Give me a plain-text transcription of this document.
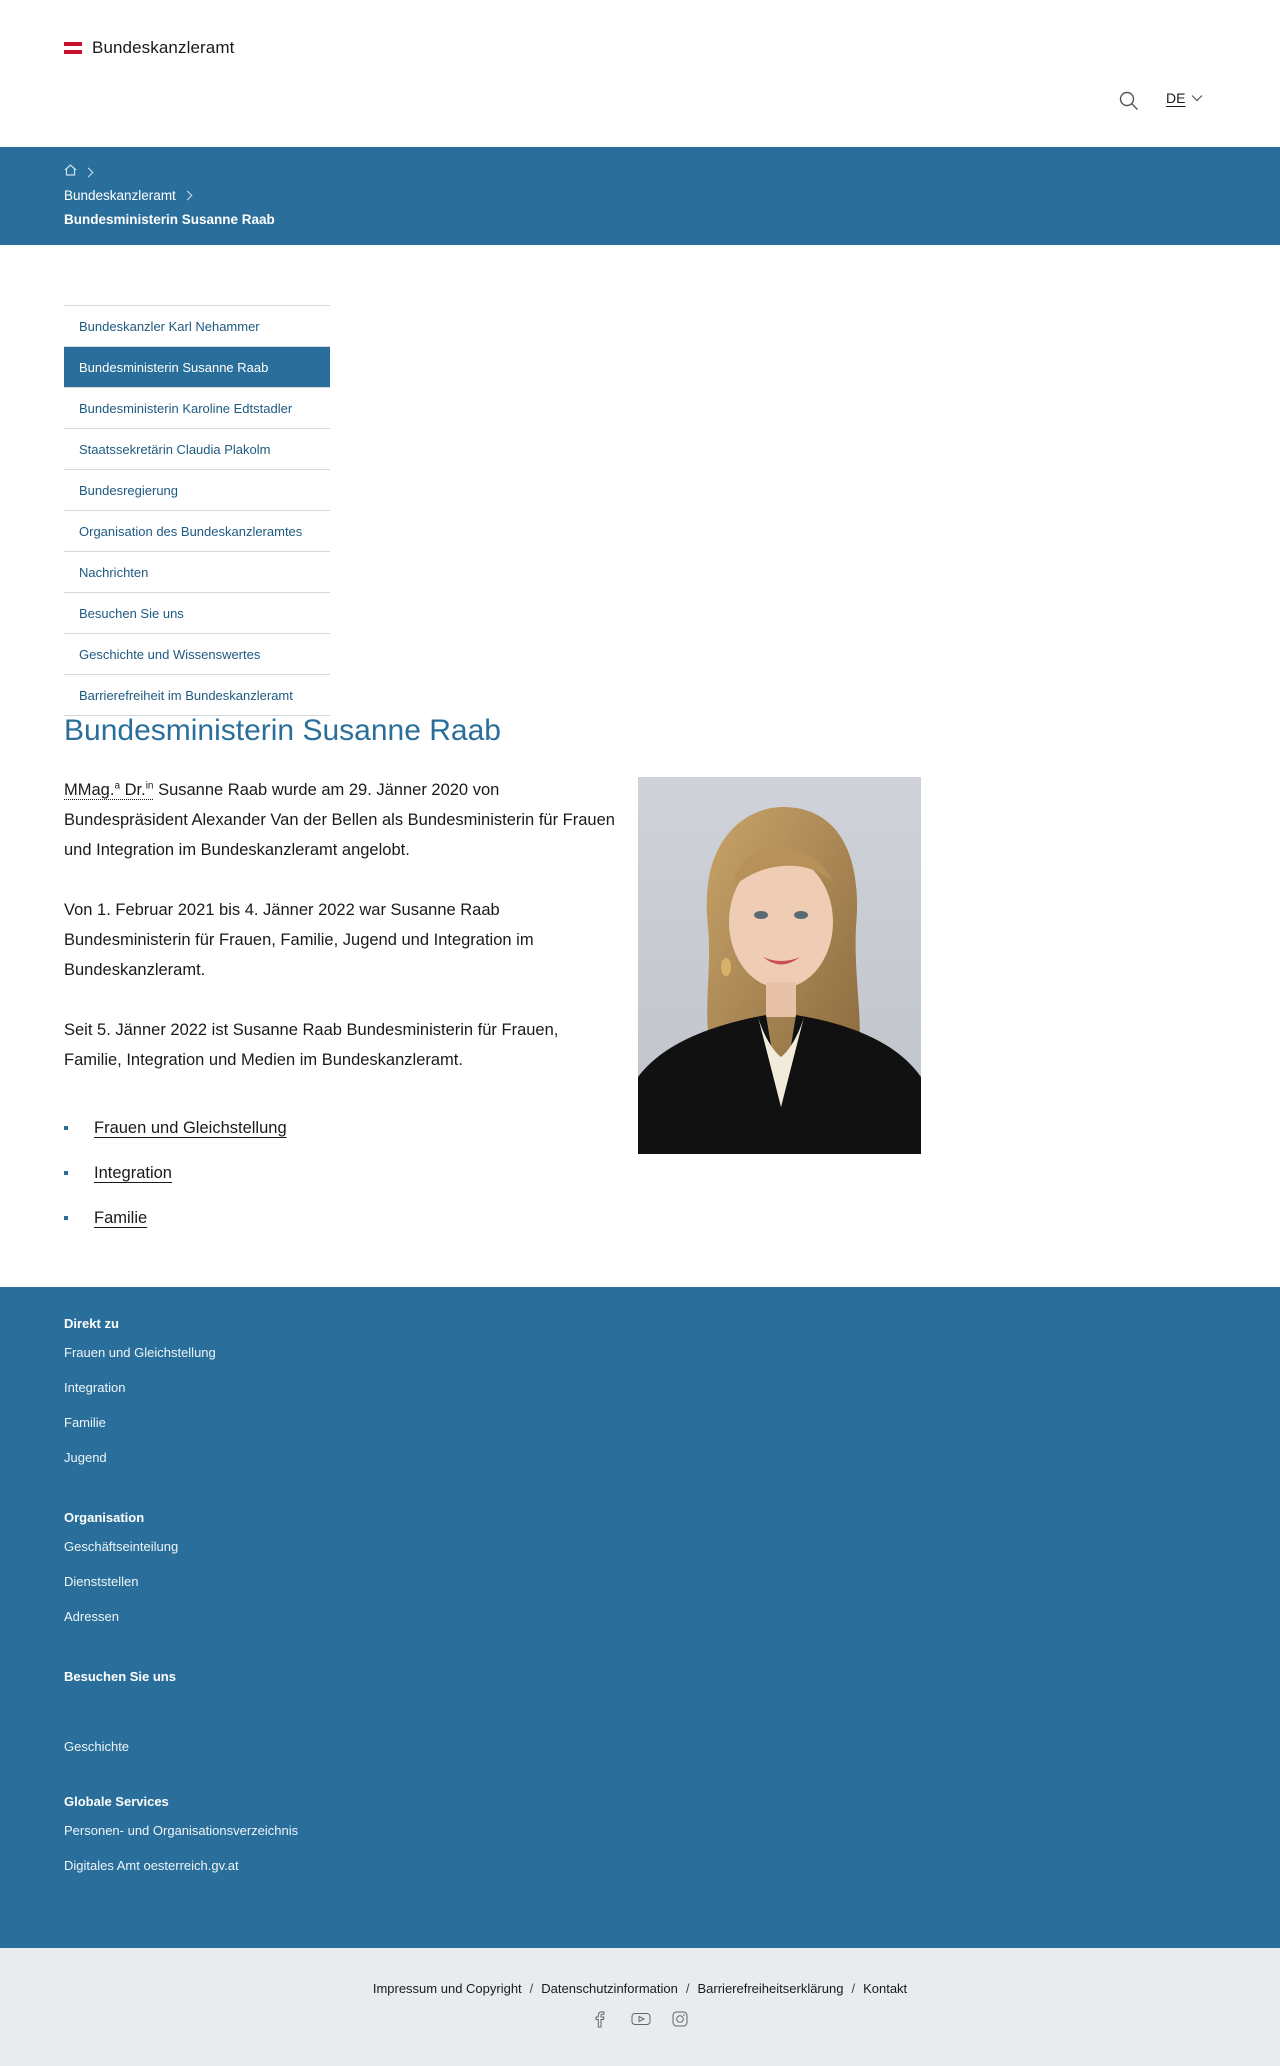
Bundeskanzleramt
DE
Bundeskanzleramt
Bundesministerin Susanne Raab
Bundeskanzler Karl Nehammer
Bundesministerin Susanne Raab
Bundesministerin Karoline Edtstadler
Staatssekretärin Claudia Plakolm
Bundesregierung
Organisation des Bundeskanzleramtes
Nachrichten
Besuchen Sie uns
Geschichte und Wissenswertes
Barrierefreiheit im Bundeskanzleramt
Bundesministerin Susanne Raab

MMag.$^a$ Dr.$^{in}$ Susanne Raab wurde am 29. Jänner 2020 von Bundespräsident Alexander Van der Bellen als Bundesministerin für Frauen und Integration im Bundeskanzleramt angelobt.

Von 1. Februar 2021 bis 4. Jänner 2022 war Susanne Raab Bundesministerin für Frauen, Familie, Jugend und Integration im Bundeskanzleramt.

Seit 5. Jänner 2022 ist Susanne Raab Bundesministerin für Frauen, Familie, Integration und Medien im Bundeskanzleramt.

Frauen und Gleichstellung
Integration
Familie
Direkt zu
Frauen und Gleichstellung
Integration
Familie
Jugend
Organisation
Geschäftseinteilung
Dienststellen
Adressen
Besuchen Sie uns
Geschichte
Globale Services
Personen- und Organisationsverzeichnis
Digitales Amt oesterreich.gv.at
Impressum und Copyright / Datenschutzinformation / Barrierefreiheitserklärung / Kontakt
